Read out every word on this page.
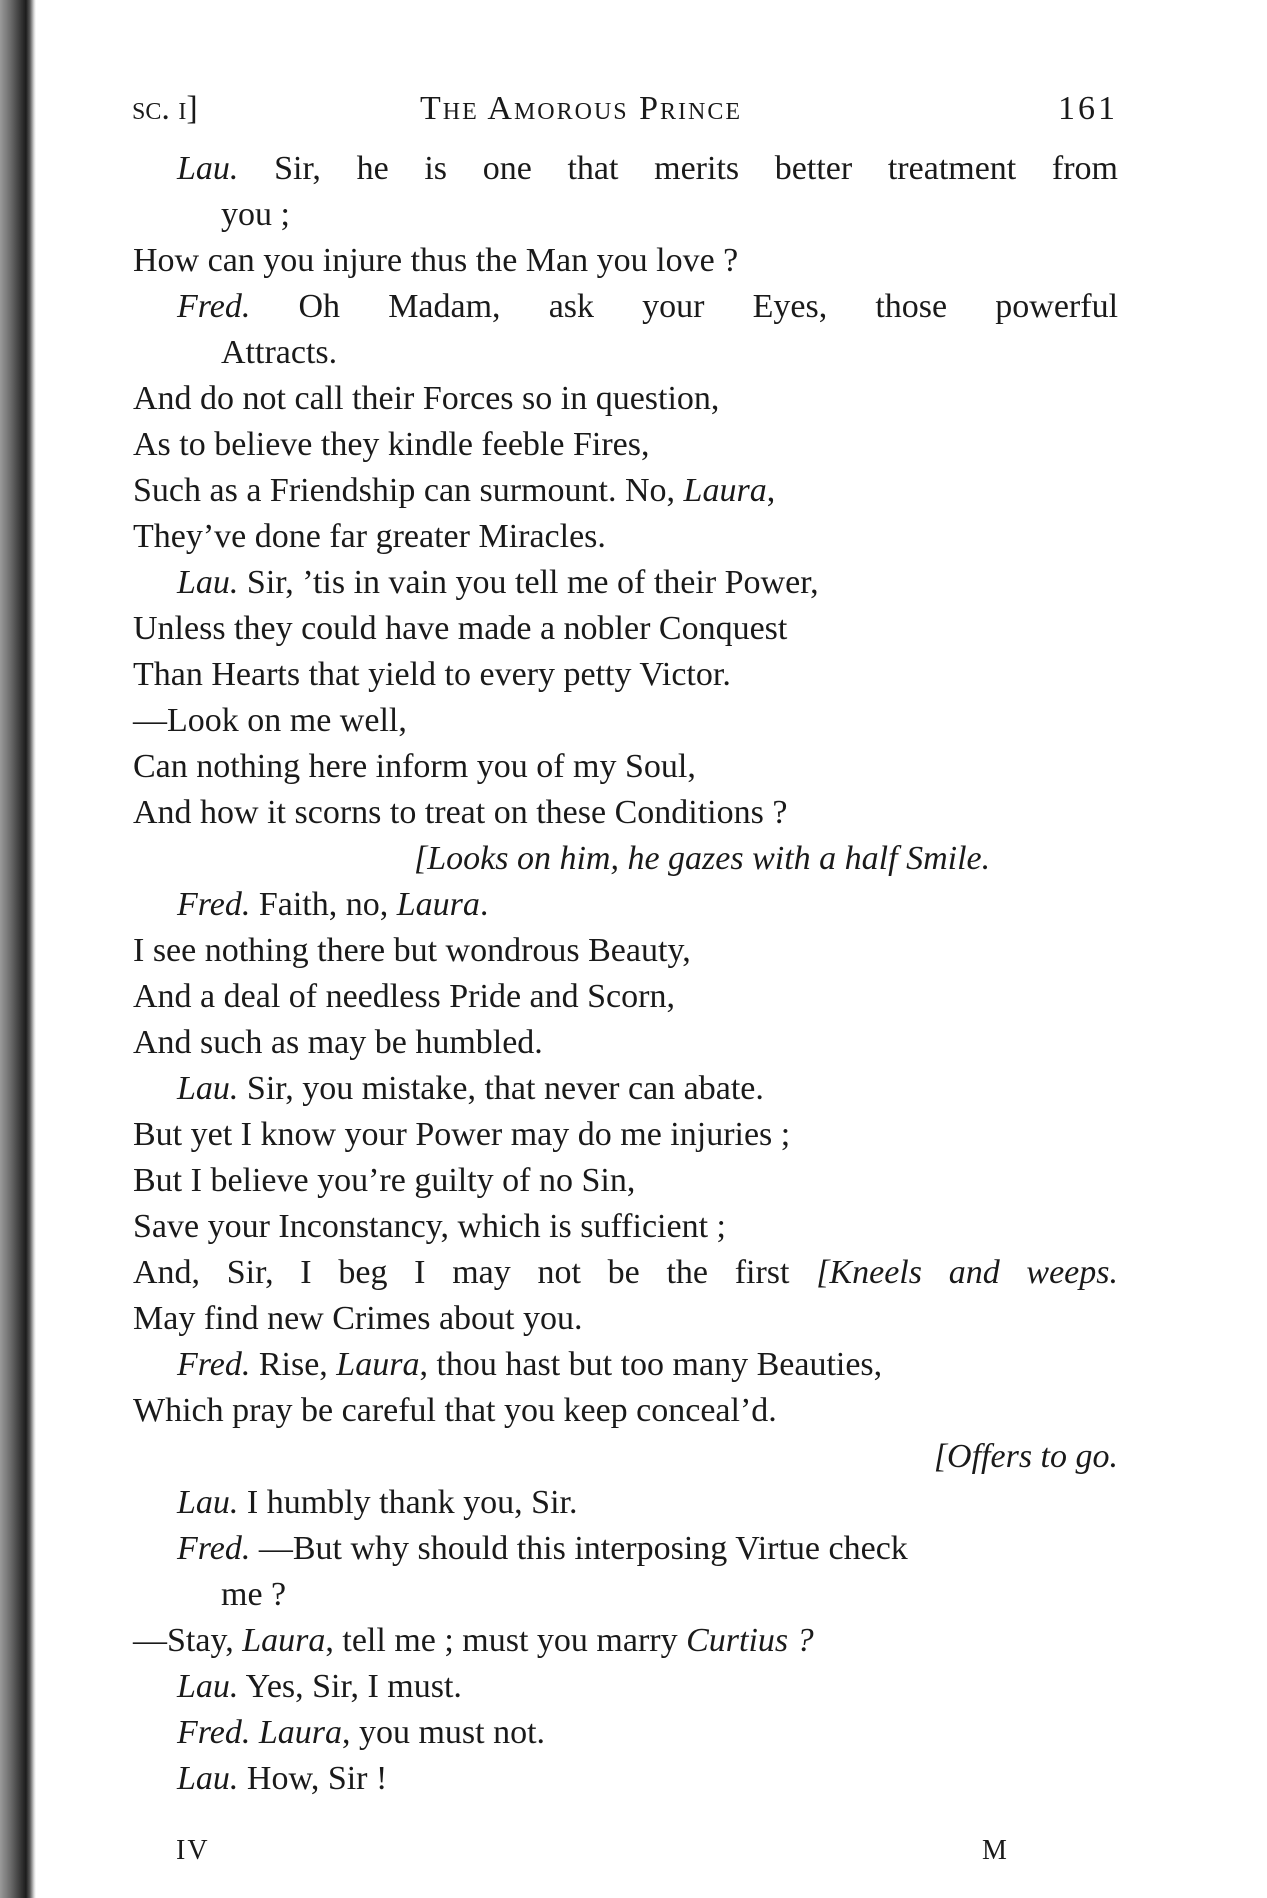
sc. i]	The Amorous Prince	161
Lau. Sir, he is one that merits better treatment from
you ;
How can you injure thus the Man you love ?
Fred. Oh Madam, ask your Eyes, those powerful
Attracts.
And do not call their Forces so in question,
As to believe they kindle feeble Fires,
Such as a Friendship can surmount. No, Laura,
They’ve done far greater Miracles.
Lau. Sir, ’tis in vain you tell me of their Power,
Unless they could have made a nobler Conquest
Than Hearts that yield to every petty Victor.
—Look on me well,
Can nothing here inform you of my Soul,
And how it scorns to treat on these Conditions ?
[Looks on him, he gazes with a half Smile.
Fred. Faith, no, Laura.
I see nothing there but wondrous Beauty,
And a deal of needless Pride and Scorn,
And such as may be humbled.
Lau. Sir, you mistake, that never can abate.
But yet I know your Power may do me injuries ;
But I believe you’re guilty of no Sin,
Save your Inconstancy, which is sufficient ;
And, Sir, I beg I may not be the first [Kneels and weeps.
May find new Crimes about you.
Fred. Rise, Laura, thou hast but too many Beauties,
Which pray be careful that you keep conceal’d.
[Offers to go.
Lau. I humbly thank you, Sir.
Fred. —But why should this interposing Virtue check
me ?
—Stay, Laura, tell me ; must you marry Curtius ?
Lau. Yes, Sir, I must.
Fred. Laura, you must not.
Lau. How, Sir !
IV	M
